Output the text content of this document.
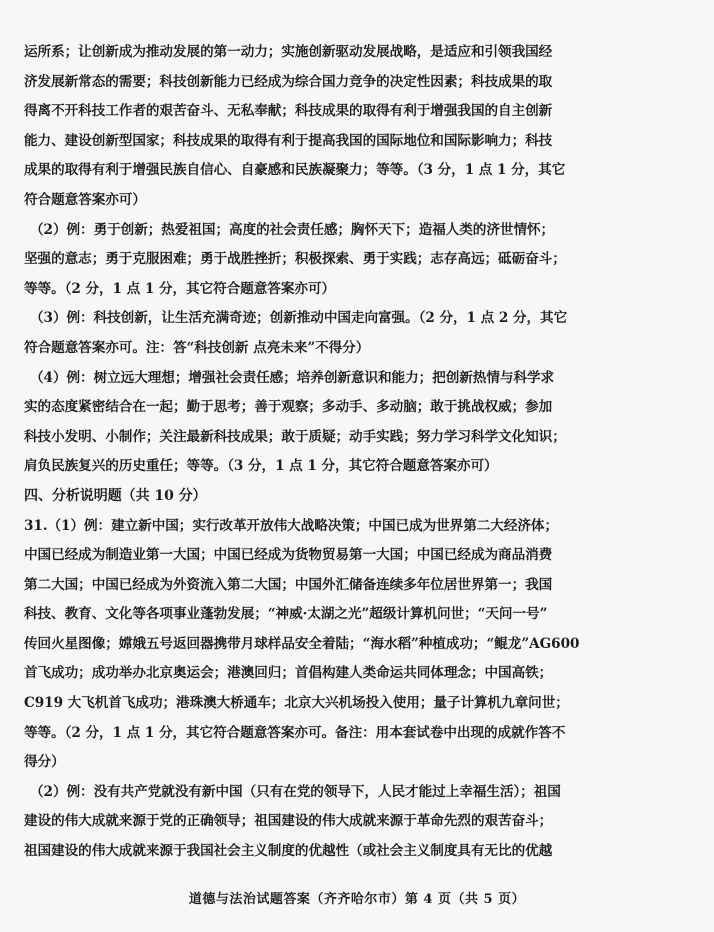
运所系；让创新成为推动发展的第一动力；实施创新驱动发展战略，是适应和引领我国经
济发展新常态的需要；科技创新能力已经成为综合国力竞争的决定性因素；科技成果的取
得离不开科技工作者的艰苦奋斗、无私奉献；科技成果的取得有利于增强我国的自主创新
能力、建设创新型国家；科技成果的取得有利于提高我国的国际地位和国际影响力；科技
成果的取得有利于增强民族自信心、自豪感和民族凝聚力；等等。（3 分，1 点 1 分，其它
符合题意答案亦可）
（2）例：勇于创新；热爱祖国；高度的社会责任感；胸怀天下；造福人类的济世情怀；
坚强的意志；勇于克服困难；勇于战胜挫折；积极探索、勇于实践；志存高远；砥砺奋斗；
等等。（2 分，1 点 1 分，其它符合题意答案亦可）
（3）例：科技创新，让生活充满奇迹；创新推动中国走向富强。（2 分，1 点 2 分，其它
符合题意答案亦可。注：答“科技创新 点亮未来”不得分）
（4）例：树立远大理想；增强社会责任感；培养创新意识和能力；把创新热情与科学求
实的态度紧密结合在一起；勤于思考；善于观察；多动手、多动脑；敢于挑战权威；参加
科技小发明、小制作；关注最新科技成果；敢于质疑；动手实践；努力学习科学文化知识；
肩负民族复兴的历史重任；等等。（3 分，1 点 1 分，其它符合题意答案亦可）
四、分析说明题（共 10 分）
31.（1）例：建立新中国；实行改革开放伟大战略决策；中国已成为世界第二大经济体；
中国已经成为制造业第一大国；中国已经成为货物贸易第一大国；中国已经成为商品消费
第二大国；中国已经成为外资流入第二大国；中国外汇储备连续多年位居世界第一；我国
科技、教育、文化等各项事业蓬勃发展；“神威·太湖之光”超级计算机问世；“天问一号”
传回火星图像；嫦娥五号返回器携带月球样品安全着陆；“海水稻”种植成功；“鲲龙”AG600
首飞成功；成功举办北京奥运会；港澳回归；首倡构建人类命运共同体理念；中国高铁；
C919 大飞机首飞成功；港珠澳大桥通车；北京大兴机场投入使用；量子计算机九章问世；
等等。（2 分，1 点 1 分，其它符合题意答案亦可。备注：用本套试卷中出现的成就作答不
得分）
（2）例：没有共产党就没有新中国（只有在党的领导下，人民才能过上幸福生活）；祖国
建设的伟大成就来源于党的正确领导；祖国建设的伟大成就来源于革命先烈的艰苦奋斗；
祖国建设的伟大成就来源于我国社会主义制度的优越性（或社会主义制度具有无比的优越
道德与法治试题答案（齐齐哈尔市）第 4 页（共 5 页）
